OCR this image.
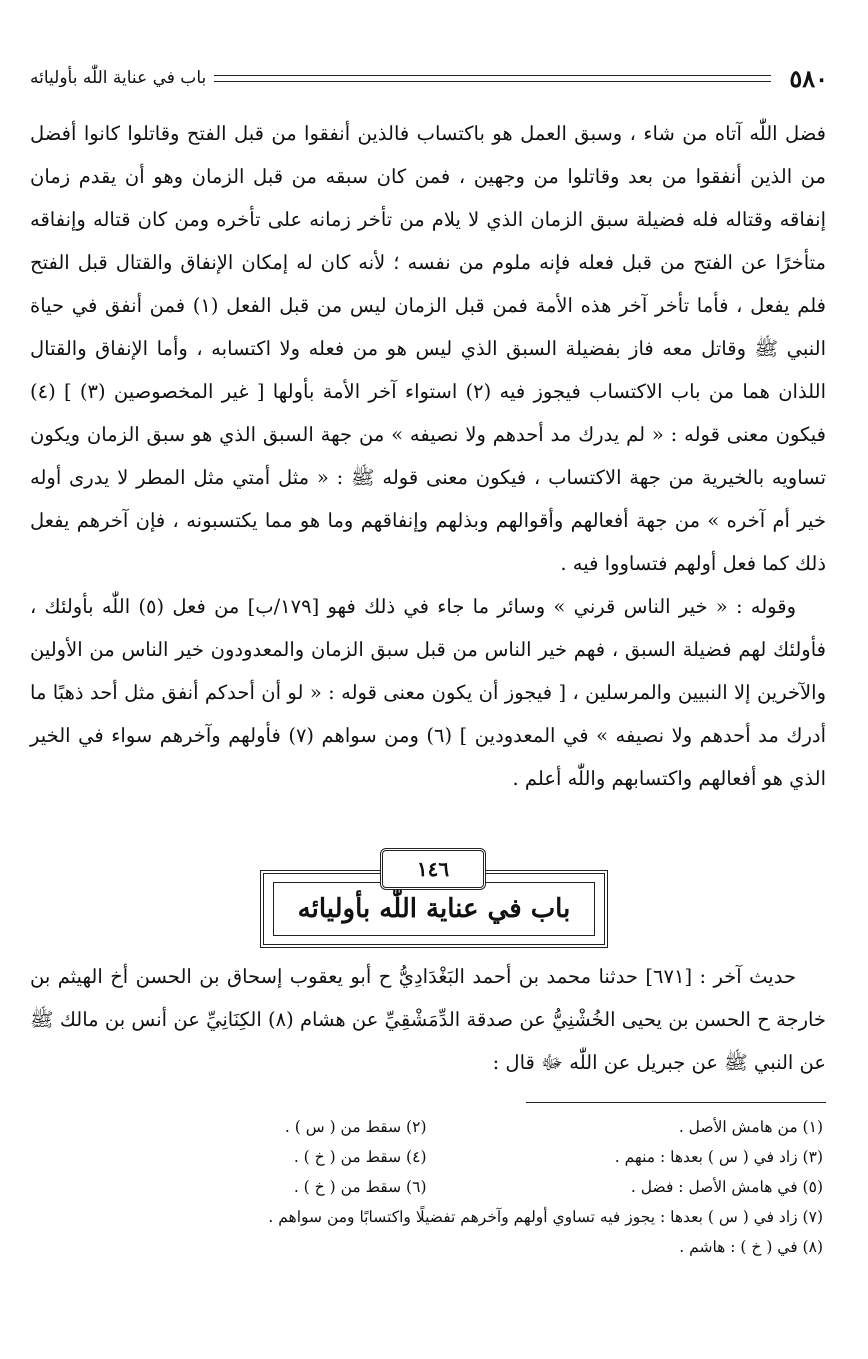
٥٨٠
باب في عناية اللّٰه بأوليائه

فضل اللّٰه آتاه من شاء ، وسبق العمل هو باكتساب فالذين أنفقوا من قبل الفتح وقاتلوا كانوا أفضل من الذين أنفقوا من بعد وقاتلوا من وجهين ، فمن كان سبقه من قبل الزمان وهو أن يقدم زمان إنفاقه وقتاله فله فضيلة سبق الزمان الذي لا يلام من تأخر زمانه على تأخره ومن كان قتاله وإنفاقه متأخرًا عن الفتح من قبل فعله فإنه ملوم من نفسه ؛ لأنه كان له إمكان الإنفاق والقتال قبل الفتح فلم يفعل ، فأما تأخر آخر هذه الأمة فمن قبل الزمان ليس من قبل الفعل (١) فمن أنفق في حياة النبي ﷺ وقاتل معه فاز بفضيلة السبق الذي ليس هو من فعله ولا اكتسابه ، وأما الإنفاق والقتال اللذان هما من باب الاكتساب فيجوز فيه (٢) استواء آخر الأمة بأولها [ غير المخصوصين (٣) ] (٤) فيكون معنى قوله : « لم يدرك مد أحدهم ولا نصيفه » من جهة السبق الذي هو سبق الزمان ويكون تساويه بالخيرية من جهة الاكتساب ، فيكون معنى قوله ﷺ : « مثل أمتي مثل المطر لا يدرى أوله خير أم آخره » من جهة أفعالهم وأقوالهم وبذلهم وإنفاقهم وما هو مما يكتسبونه ، فإن آخرهم يفعل ذلك كما فعل أولهم فتساووا فيه .

وقوله : « خير الناس قرني » وسائر ما جاء في ذلك فهو [١٧٩/ب] من فعل (٥) اللّٰه بأولئك ، فأولئك لهم فضيلة السبق ، فهم خير الناس من قبل سبق الزمان والمعدودون خير الناس من الأولين والآخرين إلا النبيين والمرسلين ، [ فيجوز أن يكون معنى قوله : « لو أن أحدكم أنفق مثل أحد ذهبًا ما أدرك مد أحدهم ولا نصيفه » في المعدودين ] (٦) ومن سواهم (٧) فأولهم وآخرهم سواء في الخير الذي هو أفعالهم واكتسابهم واللّٰه أعلم .

١٤٦
باب في عناية اللّٰه بأوليائه

حديث آخر : [٦٧١] حدثنا محمد بن أحمد البَغْدَادِيُّ ح أبو يعقوب إسحاق بن الحسن أخ الهيثم بن خارجة ح الحسن بن يحيى الخُشْنِيُّ عن صدقة الدِّمَشْقِيِّ عن هشام (٨) الكِنَانِيِّ عن أنس بن مالك ﷺ عن النبي ﷺ عن جبريل عن اللّٰه ﷻ قال :

(١) من هامش الأصل .
(٢) سقط من ( س ) .
(٣) زاد في ( س ) بعدها : منهم .
(٤) سقط من ( خ ) .
(٥) في هامش الأصل : فضل .
(٦) سقط من ( خ ) .
(٧) زاد في ( س ) بعدها : يجوز فيه تساوي أولهم وآخرهم تفضيلًا واكتسابًا ومن سواهم .
(٨) في ( خ ) : هاشم .
